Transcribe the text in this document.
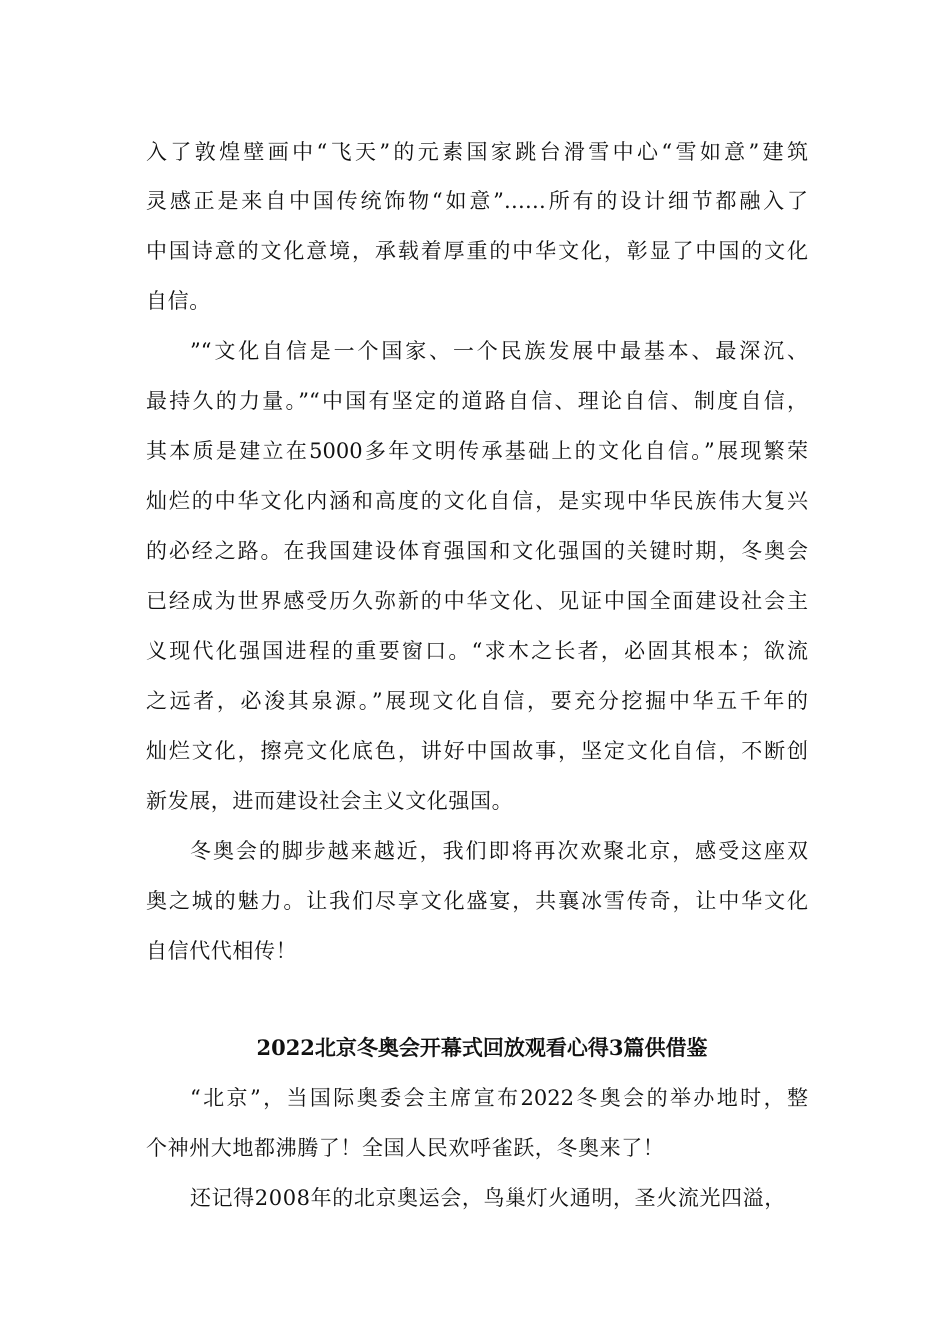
入了敦煌壁画中“飞天”的元素国家跳台滑雪中心“雪如意”建筑
灵感正是来自中国传统饰物“如意”……所有的设计细节都融入了
中国诗意的文化意境，承载着厚重的中华文化，彰显了中国的文化
自信。
”“文化自信是一个国家、一个民族发展中最基本、最深沉、
最持久的力量。”“中国有坚定的道路自信、理论自信、制度自信，
其本质是建立在5000多年文明传承基础上的文化自信。”展现繁荣
灿烂的中华文化内涵和高度的文化自信，是实现中华民族伟大复兴
的必经之路。在我国建设体育强国和文化强国的关键时期，冬奥会
已经成为世界感受历久弥新的中华文化、见证中国全面建设社会主
义现代化强国进程的重要窗口。“求木之长者，必固其根本；欲流
之远者，必浚其泉源。”展现文化自信，要充分挖掘中华五千年的
灿烂文化，擦亮文化底色，讲好中国故事，坚定文化自信，不断创
新发展，进而建设社会主义文化强国。
冬奥会的脚步越来越近，我们即将再次欢聚北京，感受这座双
奥之城的魅力。让我们尽享文化盛宴，共襄冰雪传奇，让中华文化
自信代代相传！
2022北京冬奥会开幕式回放观看心得3篇供借鉴
“北京”，当国际奥委会主席宣布2022冬奥会的举办地时，整
个神州大地都沸腾了！全国人民欢呼雀跃，冬奥来了！
还记得2008年的北京奥运会，鸟巢灯火通明，圣火流光四溢，
